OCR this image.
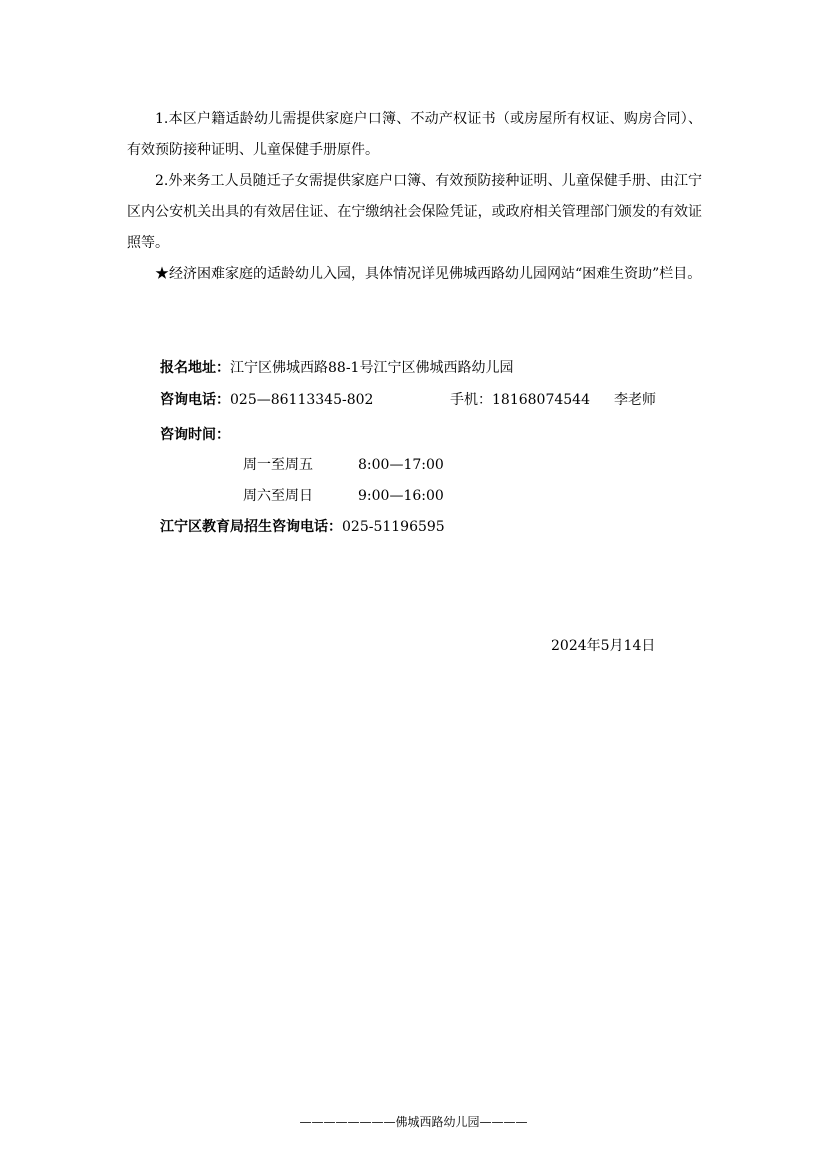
1.本区户籍适龄幼儿需提供家庭户口簿、不动产权证书（或房屋所有权证、购房合同）、有效预防接种证明、儿童保健手册原件。

2.外来务工人员随迁子女需提供家庭户口簿、有效预防接种证明、儿童保健手册、由江宁区内公安机关出具的有效居住证、在宁缴纳社会保险凭证，或政府相关管理部门颁发的有效证照等。

★经济困难家庭的适龄幼儿入园，具体情况详见佛城西路幼儿园网站“困难生资助”栏目。

报名地址：江宁区佛城西路88-1号江宁区佛城西路幼儿园
咨询电话：025—86113345-802	手机：18168074544 李老师
咨询时间：
周一至周五	8:00—17:00
周六至周日	9:00—16:00
江宁区教育局招生咨询电话：025-51196595
2024年5月14日
————————佛城西路幼儿园————
